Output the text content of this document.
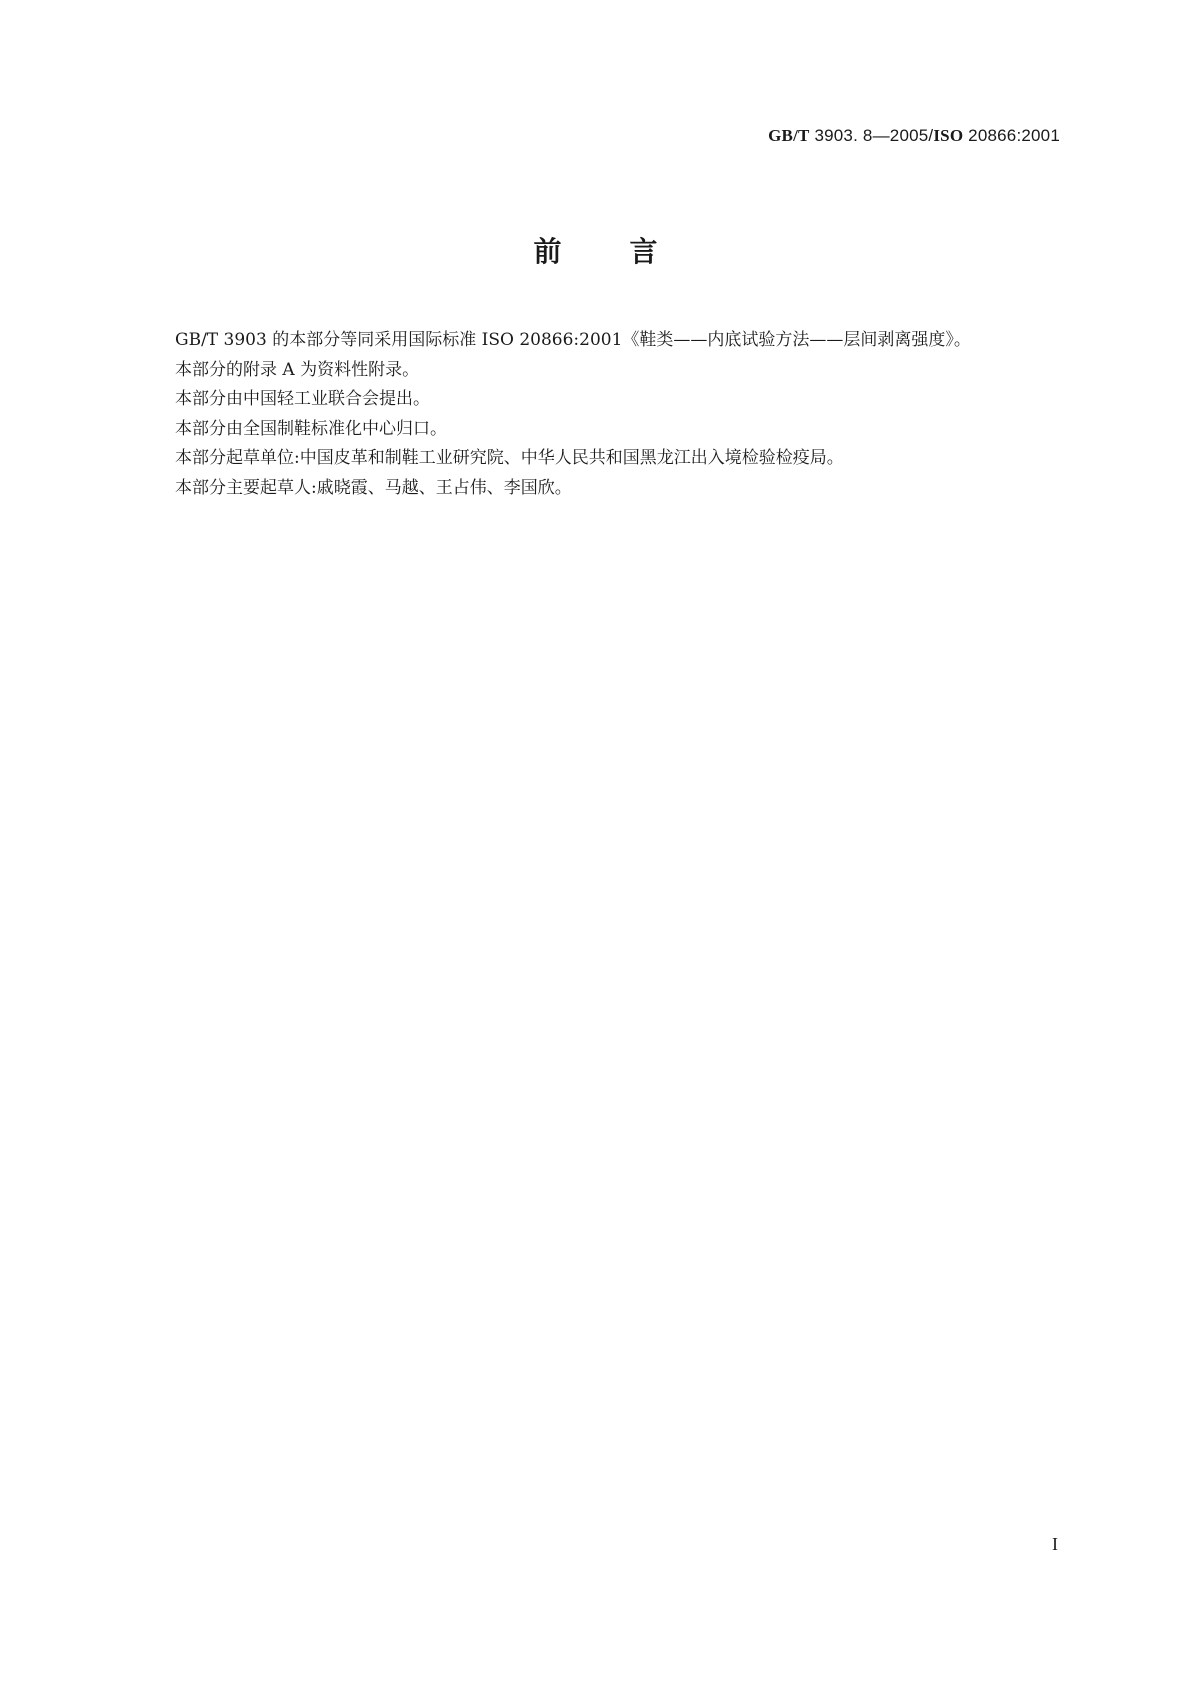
GB/T 3903. 8—2005/ISO 20866:2001
前言

GB/T 3903 的本部分等同采用国际标准 ISO 20866:2001《鞋类——内底试验方法——层间剥离强度》。

本部分的附录 A 为资料性附录。

本部分由中国轻工业联合会提出。

本部分由全国制鞋标准化中心归口。

本部分起草单位:中国皮革和制鞋工业研究院、中华人民共和国黑龙江出入境检验检疫局。

本部分主要起草人:戚晓霞、马越、王占伟、李国欣。

I
